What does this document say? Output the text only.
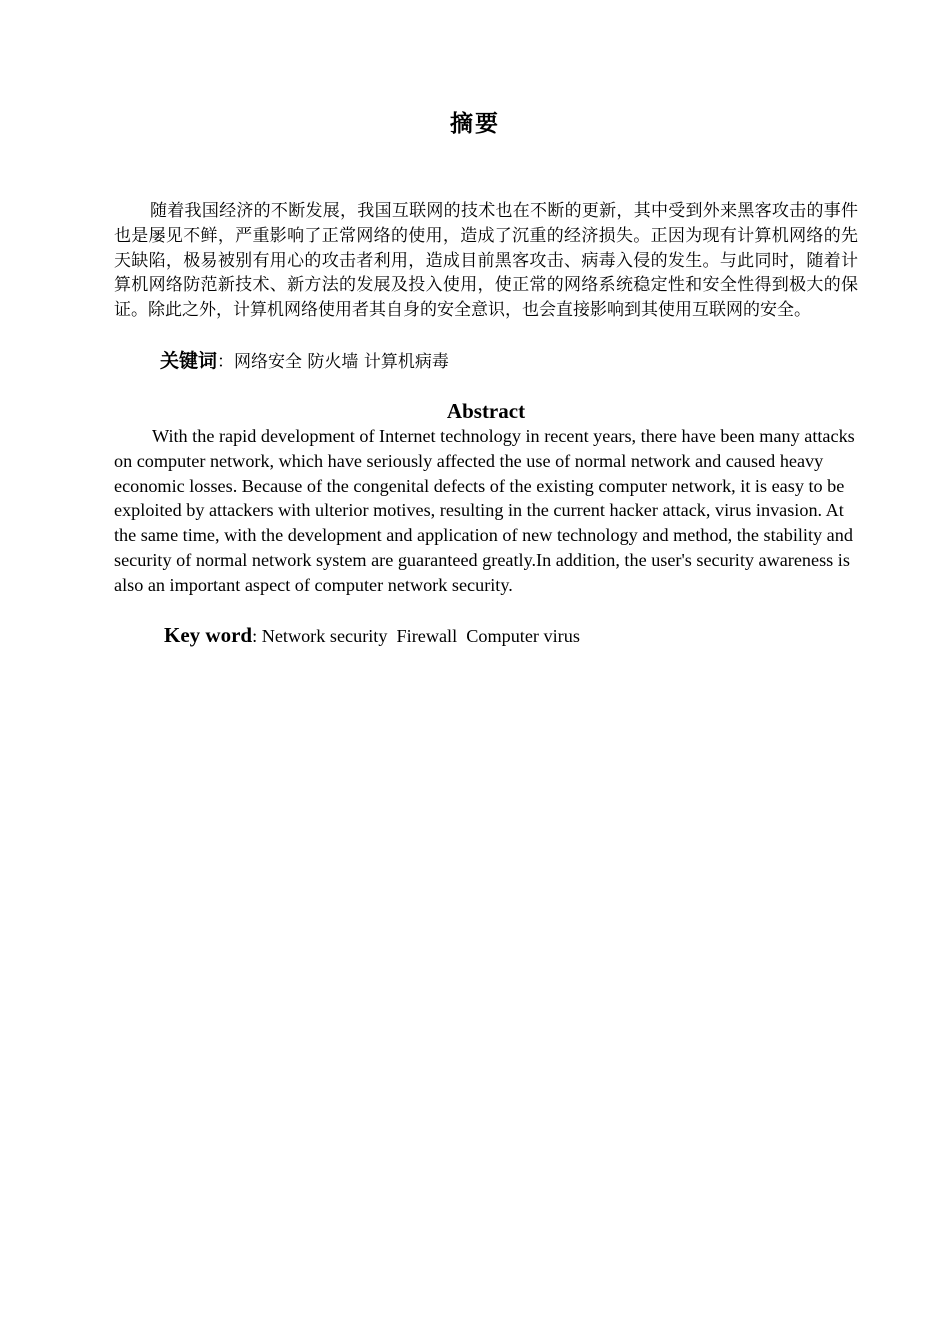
摘要

随着我国经济的不断发展，我国互联网的技术也在不断的更新，其中受到外来黑客攻击的事件也是屡见不鲜，严重影响了正常网络的使用，造成了沉重的经济损失。正因为现有计算机网络的先天缺陷，极易被别有用心的攻击者利用，造成目前黑客攻击、病毒入侵的发生。与此同时，随着计算机网络防范新技术、新方法的发展及投入使用，使正常的网络系统稳定性和安全性得到极大的保证。除此之外，计算机网络使用者其自身的安全意识，也会直接影响到其使用互联网的安全。

关键词：网络安全 防火墙 计算机病毒
Abstract

With the rapid development of Internet technology in recent years, there have been many attacks on computer network, which have seriously affected the use of normal network and caused heavy economic losses. Because of the congenital defects of the existing computer network, it is easy to be exploited by attackers with ulterior motives, resulting in the current hacker attack, virus invasion. At the same time, with the development and application of new technology and method, the stability and security of normal network system are guaranteed greatly.In addition, the user's security awareness is also an important aspect of computer network security.

Key word: Network security  Firewall  Computer virus
